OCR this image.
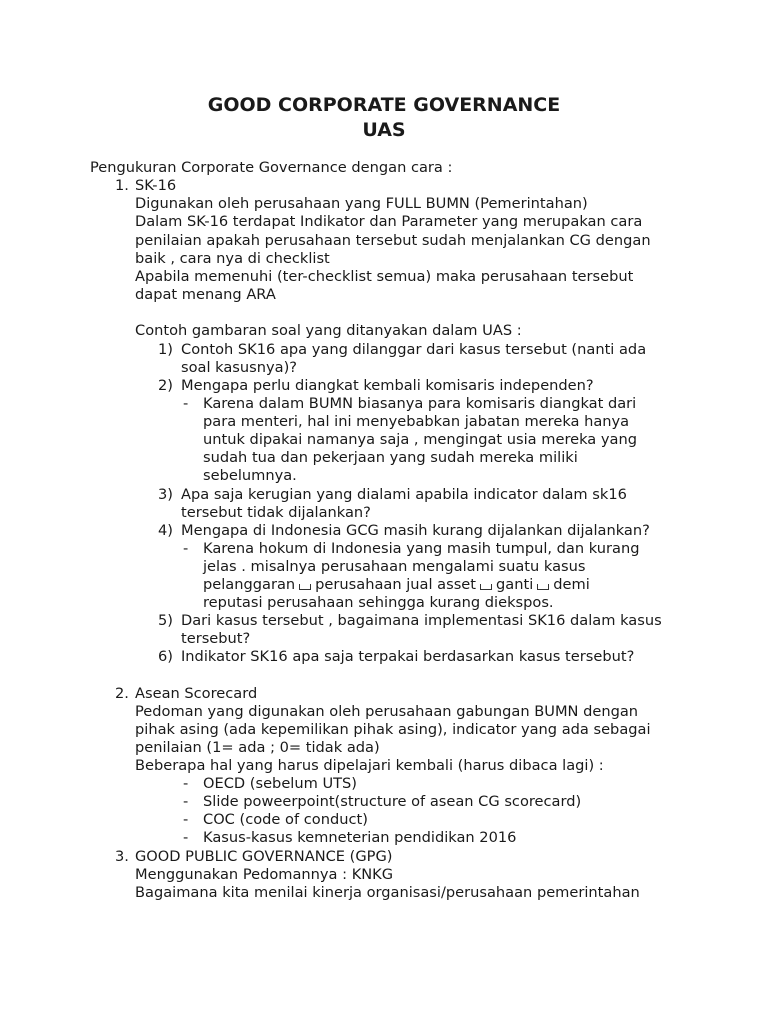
GOOD CORPORATE GOVERNANCE
UAS
Pengukuran Corporate Governance dengan cara :
1. SK-16
Digunakan oleh perusahaan yang FULL BUMN (Pemerintahan)
Dalam SK-16 terdapat Indikator dan Parameter yang merupakan cara
penilaian apakah perusahaan tersebut sudah menjalankan CG dengan
baik , cara nya di checklist
Apabila memenuhi (ter-checklist semua) maka perusahaan tersebut
dapat menang ARA
Contoh gambaran soal yang ditanyakan dalam UAS :
1) Contoh SK16 apa yang dilanggar dari kasus tersebut (nanti ada
soal kasusnya)?
2) Mengapa perlu diangkat kembali komisaris independen?
- Karena dalam BUMN biasanya para komisaris diangkat dari
para menteri, hal ini menyebabkan jabatan mereka hanya
untuk dipakai namanya saja , mengingat usia mereka yang
sudah tua dan pekerjaan yang sudah mereka miliki
sebelumnya.
3) Apa saja kerugian yang dialami apabila indicator dalam sk16
tersebut tidak dijalankan?
4) Mengapa di Indonesia GCG masih kurang dijalankan dijalankan?
- Karena hokum di Indonesia yang masih tumpul, dan kurang
jelas . misalnya perusahaan mengalami suatu kasus
pelanggaran perusahaan jual asset ganti demi
reputasi perusahaan sehingga kurang diekspos.
5) Dari kasus tersebut , bagaimana implementasi SK16 dalam kasus
tersebut?
6) Indikator SK16 apa saja terpakai berdasarkan kasus tersebut?
2. Asean Scorecard
Pedoman yang digunakan oleh perusahaan gabungan BUMN dengan
pihak asing (ada kepemilikan pihak asing), indicator yang ada sebagai
penilaian (1= ada ; 0= tidak ada)
Beberapa hal yang harus dipelajari kembali (harus dibaca lagi) :
- OECD (sebelum UTS)
- Slide poweerpoint(structure of asean CG scorecard)
- COC (code of conduct)
- Kasus-kasus kemneterian pendidikan 2016
3. GOOD PUBLIC GOVERNANCE (GPG)
Menggunakan Pedomannya : KNKG
Bagaimana kita menilai kinerja organisasi/perusahaan pemerintahan
